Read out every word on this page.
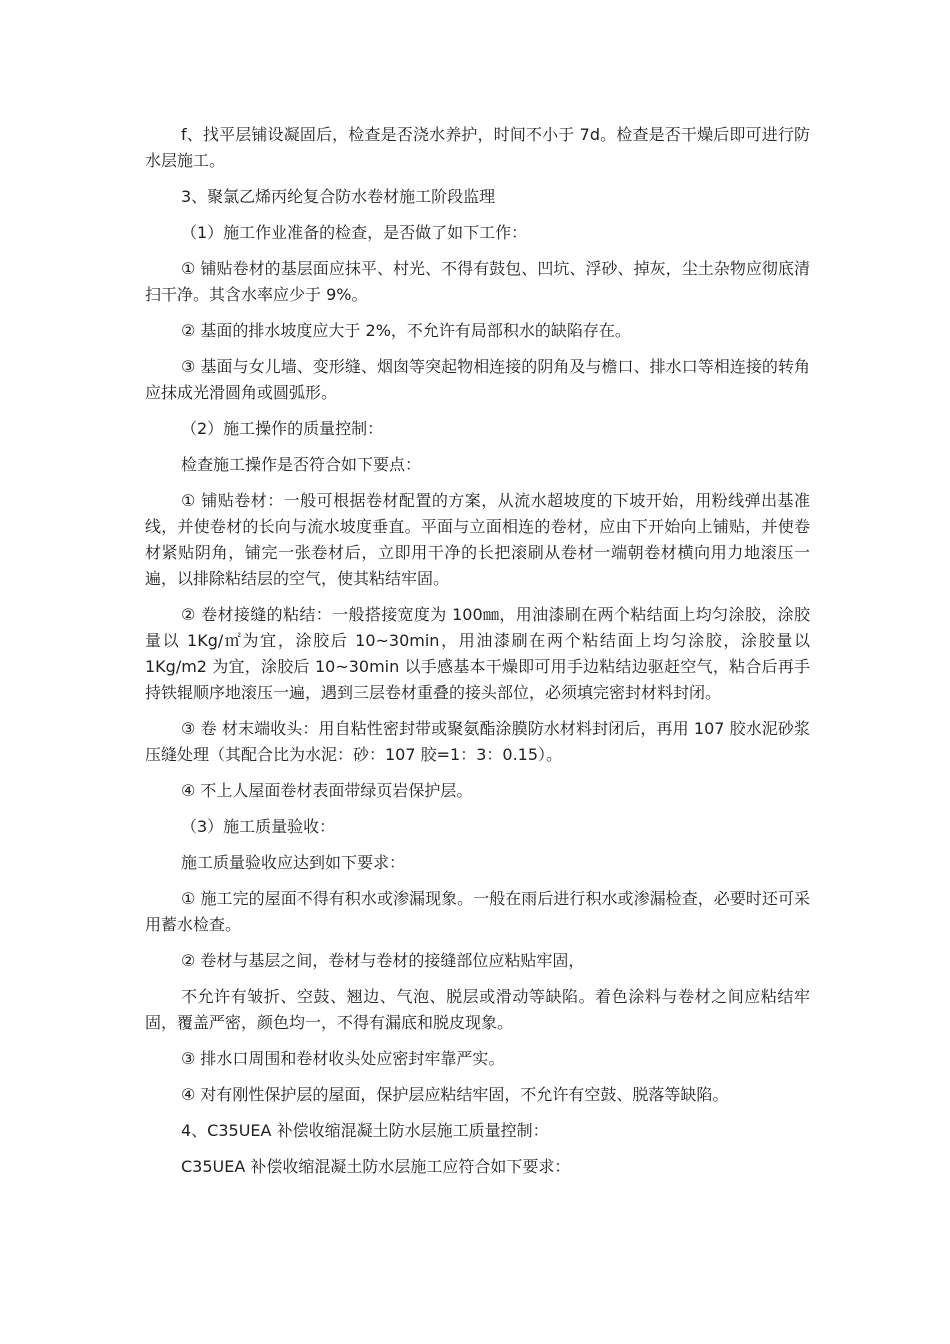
f、找平层铺设凝固后，检查是否浇水养护，时间不小于 7d。检查是否干燥后即可进行防水层施工。

3、聚氯乙烯丙纶复合防水卷材施工阶段监理

（1）施工作业准备的检查，是否做了如下工作：

① 铺贴卷材的基层面应抹平、村光、不得有鼓包、凹坑、浮砂、掉灰，尘土杂物应彻底清扫干净。其含水率应少于 9%。

② 基面的排水坡度应大于 2%，不允许有局部积水的缺陷存在。

③ 基面与女儿墙、变形缝、烟囱等突起物相连接的阴角及与檐口、排水口等相连接的转角应抹成光滑圆角或圆弧形。

（2）施工操作的质量控制：

检查施工操作是否符合如下要点：

① 铺贴卷材：一般可根据卷材配置的方案，从流水超坡度的下坡开始，用粉线弹出基准线，并使卷材的长向与流水坡度垂直。平面与立面相连的卷材，应由下开始向上铺贴，并使卷材紧贴阴角，铺完一张卷材后，立即用干净的长把滚刷从卷材一端朝卷材横向用力地滚压一遍，以排除粘结层的空气，使其粘结牢固。

② 卷材接缝的粘结：一般搭接宽度为 100㎜，用油漆刷在两个粘结面上均匀涂胶，涂胶量以 1Kg/㎡为宜，涂胶后 10~30min，用油漆刷在两个粘结面上均匀涂胶，涂胶量以 1Kg/m2 为宜，涂胶后 10~30min 以手感基本干燥即可用手边粘结边驱赶空气，粘合后再手持铁辊顺序地滚压一遍，遇到三层卷材重叠的接头部位，必须填完密封材料封闭。

③ 卷 材末端收头：用自粘性密封带或聚氨酯涂膜防水材料封闭后，再用 107 胶水泥砂浆压缝处理（其配合比为水泥：砂：107 胶=1：3：0.15）。

④ 不上人屋面卷材表面带绿页岩保护层。

（3）施工质量验收：

施工质量验收应达到如下要求：

① 施工完的屋面不得有积水或渗漏现象。一般在雨后进行积水或渗漏检查，必要时还可采用蓄水检查。

② 卷材与基层之间，卷材与卷材的接缝部位应粘贴牢固，

不允许有皱折、空鼓、翘边、气泡、脱层或滑动等缺陷。着色涂料与卷材之间应粘结牢固，覆盖严密，颜色均一，不得有漏底和脱皮现象。

③ 排水口周围和卷材收头处应密封牢靠严实。

④ 对有刚性保护层的屋面，保护层应粘结牢固，不允许有空鼓、脱落等缺陷。

4、C35UEA 补偿收缩混凝土防水层施工质量控制：

C35UEA 补偿收缩混凝土防水层施工应符合如下要求：
